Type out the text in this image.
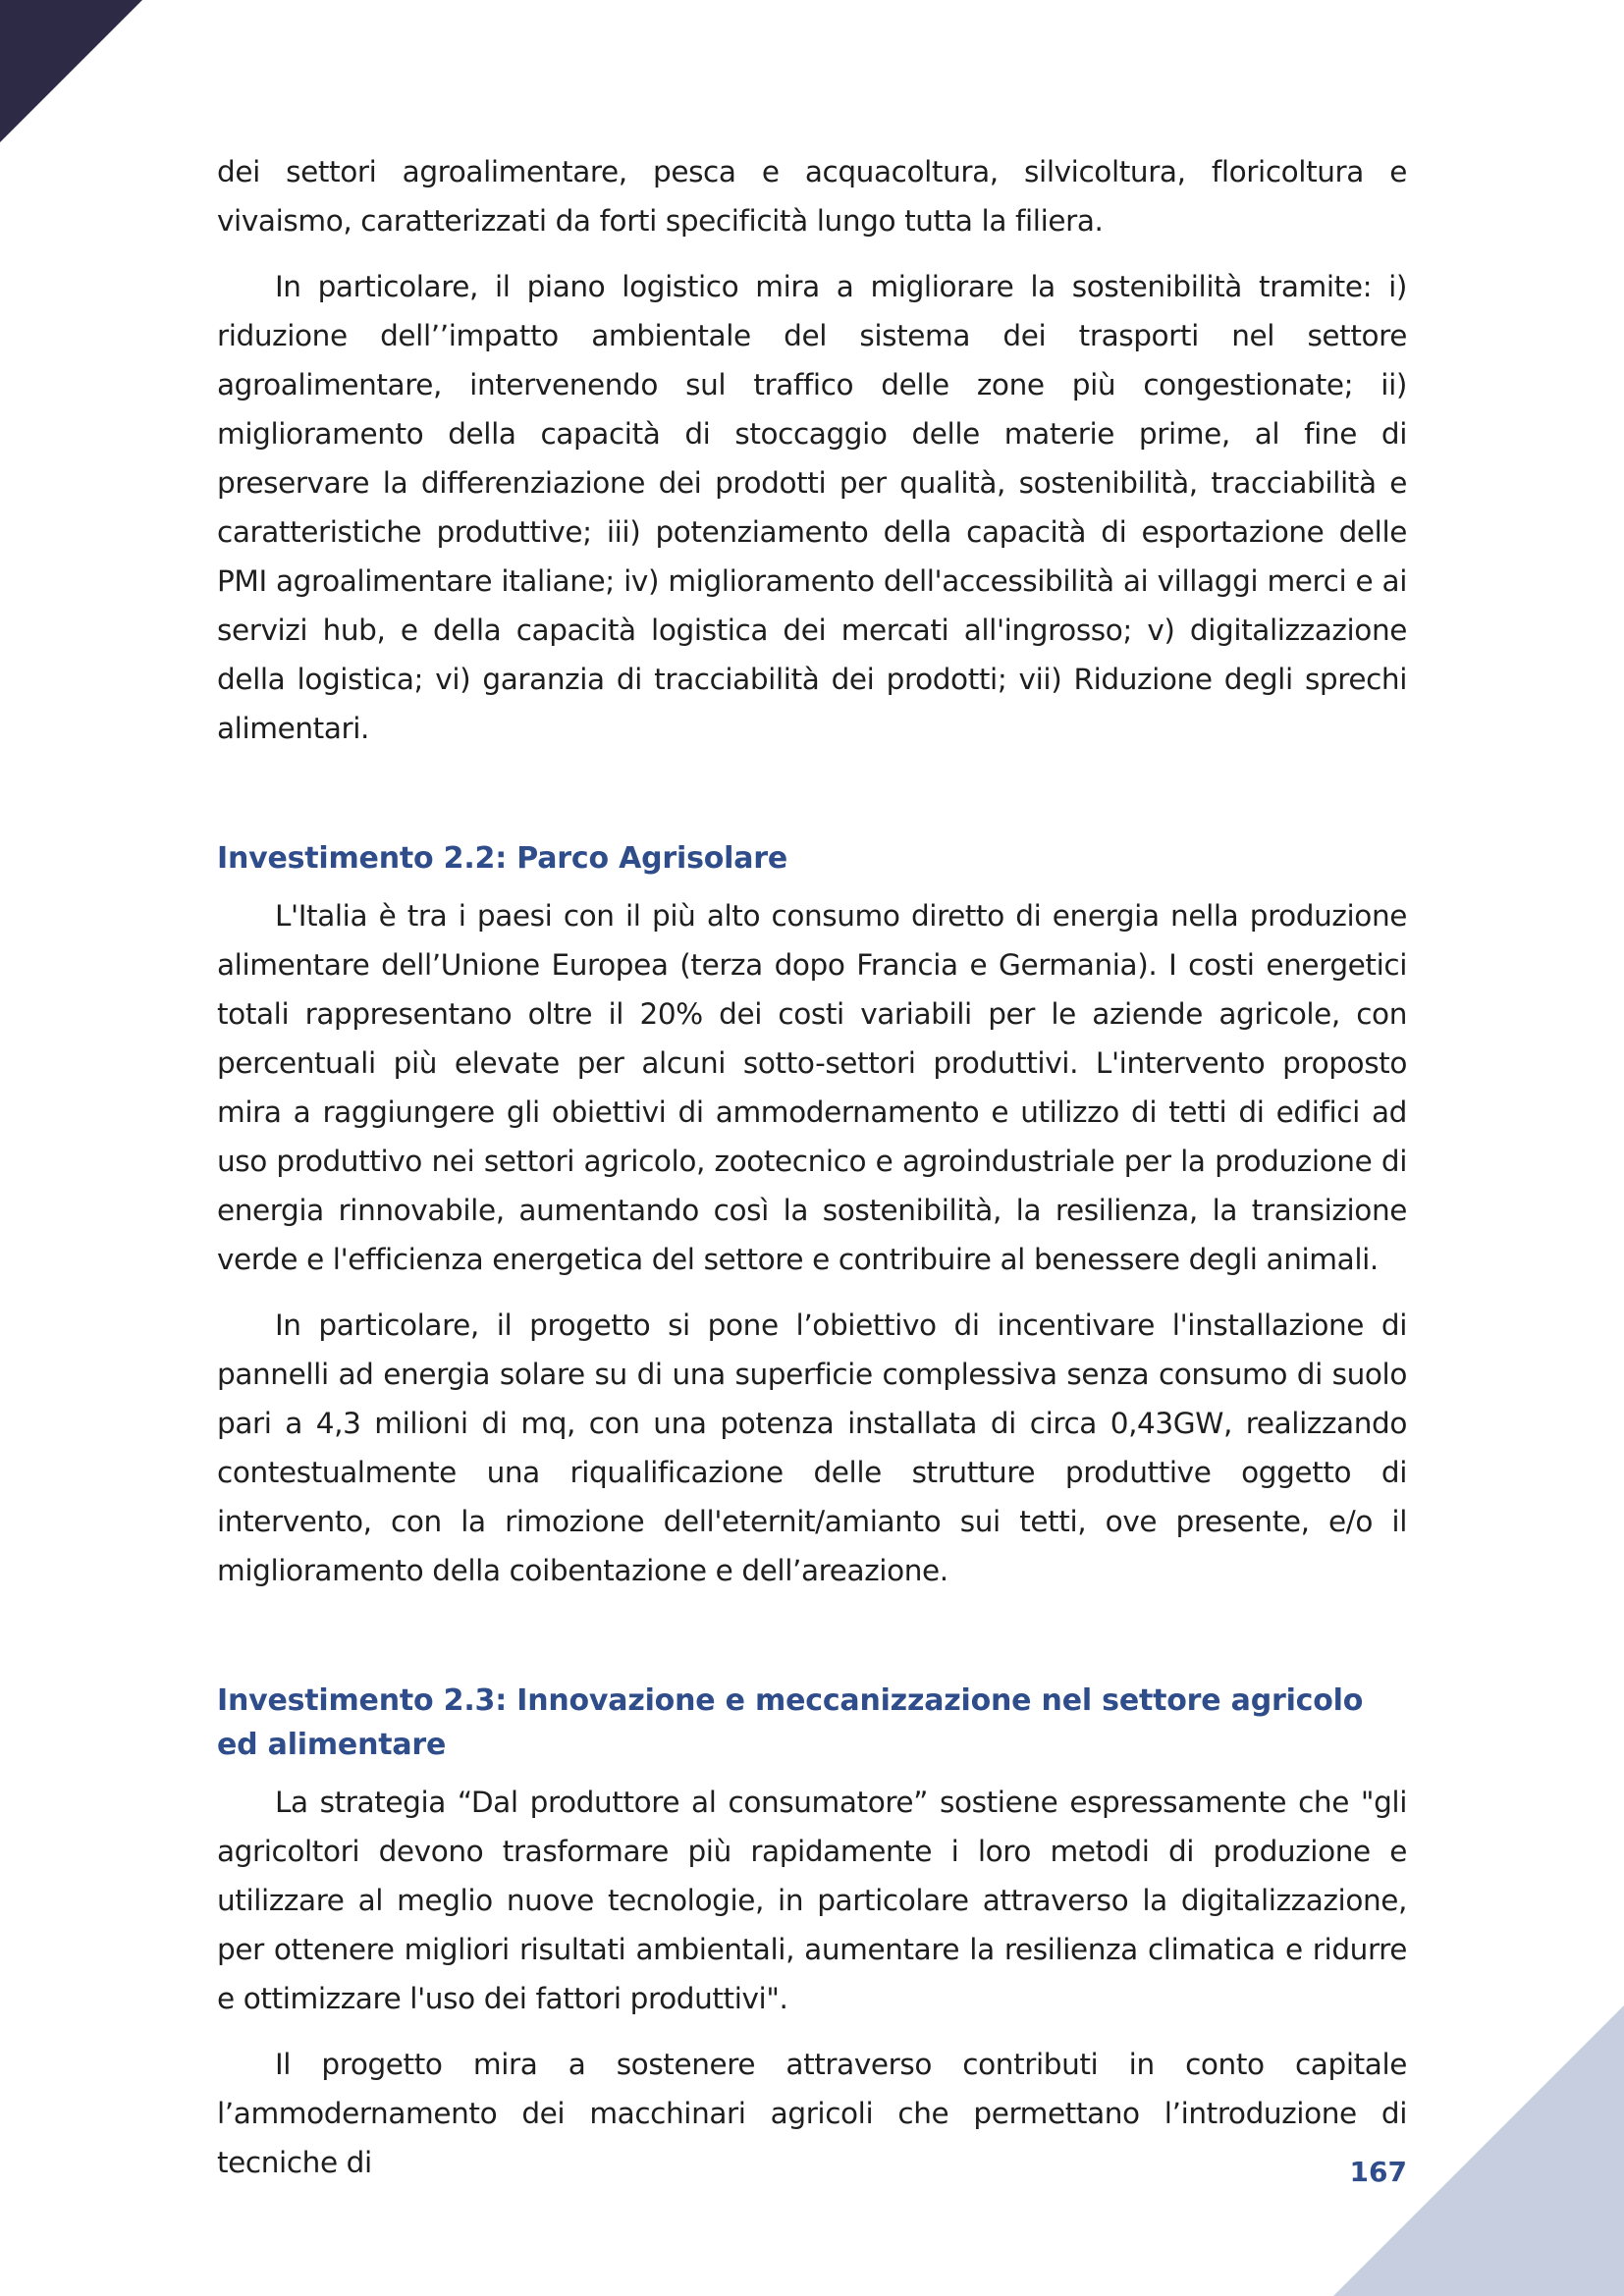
dei settori agroalimentare, pesca e acquacoltura, silvicoltura, floricoltura e vivaismo, caratterizzati da forti specificità lungo tutta la filiera.

In particolare, il piano logistico mira a migliorare la sostenibilità tramite: i) riduzione dell’’impatto ambientale del sistema dei trasporti nel settore agroalimentare, intervenendo sul traffico delle zone più congestionate; ii) miglioramento della capacità di stoccaggio delle materie prime, al fine di preservare la differenziazione dei prodotti per qualità, sostenibilità, tracciabilità e caratteristiche produttive; iii) potenziamento della capacità di esportazione delle PMI agroalimentare italiane; iv) miglioramento dell'accessibilità ai villaggi merci e ai servizi hub, e della capacità logistica dei mercati all'ingrosso; v) digitalizzazione della logistica; vi) garanzia di tracciabilità dei prodotti; vii) Riduzione degli sprechi alimentari.

Investimento 2.2: Parco Agrisolare

L'Italia è tra i paesi con il più alto consumo diretto di energia nella produzione alimentare dell’Unione Europea (terza dopo Francia e Germania). I costi energetici totali rappresentano oltre il 20% dei costi variabili per le aziende agricole, con percentuali più elevate per alcuni sotto-settori produttivi. L'intervento proposto mira a raggiungere gli obiettivi di ammodernamento e utilizzo di tetti di edifici ad uso produttivo nei settori agricolo, zootecnico e agroindustriale per la produzione di energia rinnovabile, aumentando così la sostenibilità, la resilienza, la transizione verde e l'efficienza energetica del settore e contribuire al benessere degli animali.

In particolare, il progetto si pone l’obiettivo di incentivare l'installazione di pannelli ad energia solare su di una superficie complessiva senza consumo di suolo pari a 4,3 milioni di mq, con una potenza installata di circa 0,43GW, realizzando contestualmente una riqualificazione delle strutture produttive oggetto di intervento, con la rimozione dell'eternit/amianto sui tetti, ove presente, e/o il miglioramento della coibentazione e dell’areazione.

Investimento 2.3: Innovazione e meccanizzazione nel settore agricolo ed alimentare

La strategia “Dal produttore al consumatore” sostiene espressamente che "gli agricoltori devono trasformare più rapidamente i loro metodi di produzione e utilizzare al meglio nuove tecnologie, in particolare attraverso la digitalizzazione, per ottenere migliori risultati ambientali, aumentare la resilienza climatica e ridurre e ottimizzare l'uso dei fattori produttivi".

Il progetto mira a sostenere attraverso contributi in conto capitale l’ammodernamento dei macchinari agricoli che permettano l’introduzione di tecniche di	167
